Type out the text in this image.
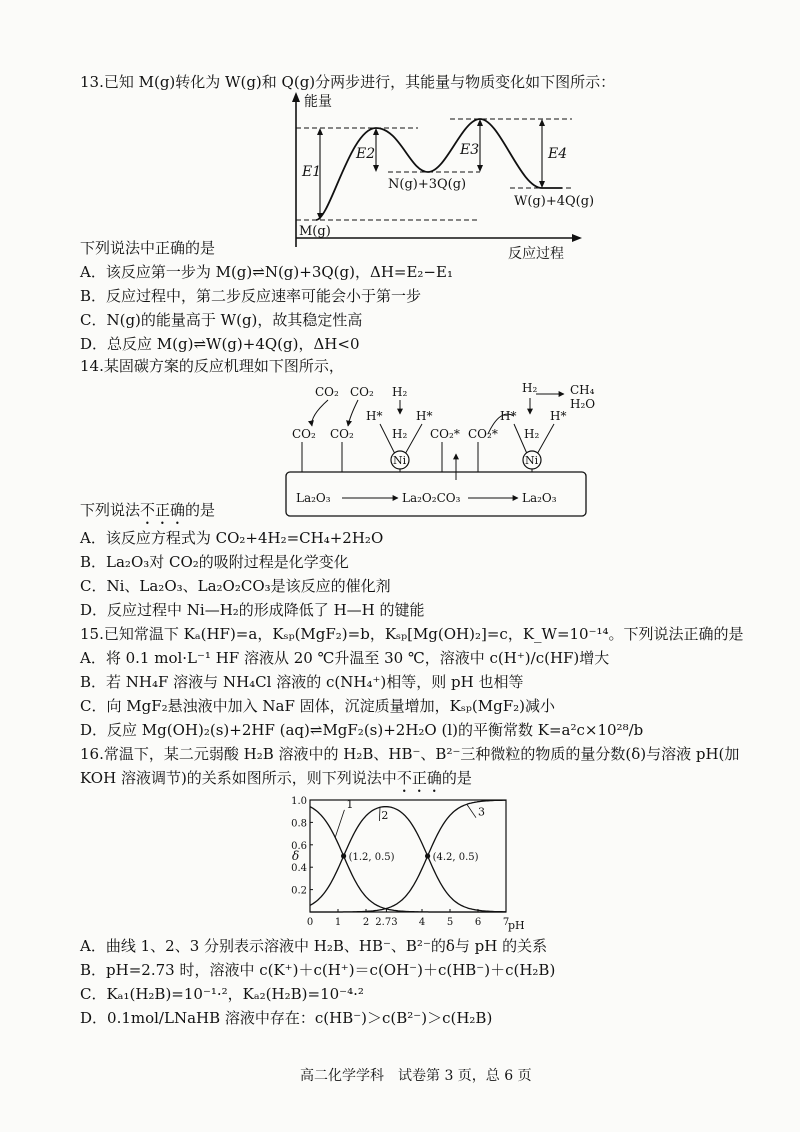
13.已知 M(g)转化为 W(g)和 Q(g)分两步进行，其能量与物质变化如下图所示：
能量
反应过程
E1
E2	E3	E4
N(g)+3Q(g)
W(g)+4Q(g)
M(g)
下列说法中正确的是
A．该反应第一步为 M(g)⇌N(g)+3Q(g)，ΔH=E₂−E₁
B．反应过程中，第二步反应速率可能会小于第一步
C．N(g)的能量高于 W(g)，故其稳定性高
D．总反应 M(g)⇌W(g)+4Q(g)，ΔH<0
14.某固碳方案的反应机理如下图所示，
CO₂ CO₂
CO₂ CO₂
H₂
H*	H*
H₂
Ni
CO₂* CO₂*
H₂	CH₄
H₂O
H*	H*
H₂
Ni
La₂O₃	La₂O₂CO₃	La₂O₃
下列说法不正确的是
A．该反应方程式为 CO₂+4H₂=CH₄+2H₂O
B．La₂O₃对 CO₂的吸附过程是化学变化
C．Ni、La₂O₃、La₂O₂CO₃是该反应的催化剂
D．反应过程中 Ni—H₂的形成降低了 H—H 的键能
15.已知常温下 Kₐ(HF)=a，Kₛₚ(MgF₂)=b，Kₛₚ[Mg(OH)₂]=c，K_W=10⁻¹⁴。下列说法正确的是
A．将 0.1 mol·L⁻¹ HF 溶液从 20 ℃升温至 30 ℃，溶液中 c(H⁺)/c(HF)增大
B．若 NH₄F 溶液与 NH₄Cl 溶液的 c(NH₄⁺)相等，则 pH 也相等
C．向 MgF₂悬浊液中加入 NaF 固体，沉淀质量增加，Kₛₚ(MgF₂)减小
D．反应 Mg(OH)₂(s)+2HF (aq)⇌MgF₂(s)+2H₂O (l)的平衡常数 K=a²c×10²⁸/b
16.常温下，某二元弱酸 H₂B 溶液中的 H₂B、HB⁻、B²⁻三种微粒的物质的量分数(δ)与溶液 pH(加
KOH 溶液调节)的关系如图所示，则下列说法中不正确的是
0 1 2 2.73 4 5 6 7
0.2
0.4
0.6
0.8
1.0	1
2	3
(1.2, 0.5)	(4.2, 0.5)
δ
pH
A．曲线 1、2、3 分别表示溶液中 H₂B、HB⁻、B²⁻的δ与 pH 的关系
B．pH=2.73 时，溶液中 c(K⁺)＋c(H⁺)＝c(OH⁻)＋c(HB⁻)＋c(H₂B)
C．Kₐ₁(H₂B)=10⁻¹·²，Kₐ₂(H₂B)=10⁻⁴·²
D．0.1mol/LNaHB 溶液中存在：c(HB⁻)＞c(B²⁻)＞c(H₂B)
高二化学学科　试卷第 3 页，总 6 页
